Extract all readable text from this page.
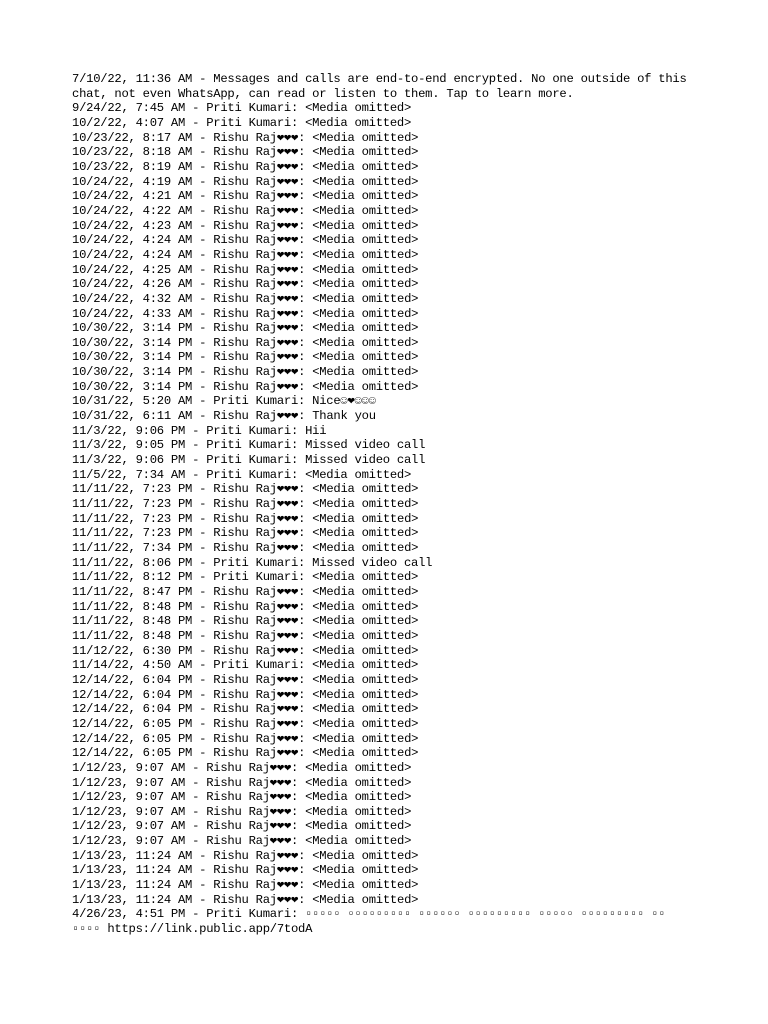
7/10/22, 11:36 AM - Messages and calls are end-to-end encrypted. No one outside of this chat, not even WhatsApp, can read or listen to them. Tap to learn more.
9/24/22, 7:45 AM - Priti Kumari: <Media omitted>
10/2/22, 4:07 AM - Priti Kumari: <Media omitted>
10/23/22, 8:17 AM - Rishu Raj❤❤❤: <Media omitted>
10/23/22, 8:18 AM - Rishu Raj❤❤❤: <Media omitted>
10/23/22, 8:19 AM - Rishu Raj❤❤❤: <Media omitted>
10/24/22, 4:19 AM - Rishu Raj❤❤❤: <Media omitted>
10/24/22, 4:21 AM - Rishu Raj❤❤❤: <Media omitted>
10/24/22, 4:22 AM - Rishu Raj❤❤❤: <Media omitted>
10/24/22, 4:23 AM - Rishu Raj❤❤❤: <Media omitted>
10/24/22, 4:24 AM - Rishu Raj❤❤❤: <Media omitted>
10/24/22, 4:24 AM - Rishu Raj❤❤❤: <Media omitted>
10/24/22, 4:25 AM - Rishu Raj❤❤❤: <Media omitted>
10/24/22, 4:26 AM - Rishu Raj❤❤❤: <Media omitted>
10/24/22, 4:32 AM - Rishu Raj❤❤❤: <Media omitted>
10/24/22, 4:33 AM - Rishu Raj❤❤❤: <Media omitted>
10/30/22, 3:14 PM - Rishu Raj❤❤❤: <Media omitted>
10/30/22, 3:14 PM - Rishu Raj❤❤❤: <Media omitted>
10/30/22, 3:14 PM - Rishu Raj❤❤❤: <Media omitted>
10/30/22, 3:14 PM - Rishu Raj❤❤❤: <Media omitted>
10/30/22, 3:14 PM - Rishu Raj❤❤❤: <Media omitted>
10/31/22, 5:20 AM - Priti Kumari: Nice☺❤☺☺☺
10/31/22, 6:11 AM - Rishu Raj❤❤❤: Thank you
11/3/22, 9:06 PM - Priti Kumari: Hii
11/3/22, 9:05 PM - Priti Kumari: Missed video call
11/3/22, 9:06 PM - Priti Kumari: Missed video call
11/5/22, 7:34 AM - Priti Kumari: <Media omitted>
11/11/22, 7:23 PM - Rishu Raj❤❤❤: <Media omitted>
11/11/22, 7:23 PM - Rishu Raj❤❤❤: <Media omitted>
11/11/22, 7:23 PM - Rishu Raj❤❤❤: <Media omitted>
11/11/22, 7:23 PM - Rishu Raj❤❤❤: <Media omitted>
11/11/22, 7:34 PM - Rishu Raj❤❤❤: <Media omitted>
11/11/22, 8:06 PM - Priti Kumari: Missed video call
11/11/22, 8:12 PM - Priti Kumari: <Media omitted>
11/11/22, 8:47 PM - Rishu Raj❤❤❤: <Media omitted>
11/11/22, 8:48 PM - Rishu Raj❤❤❤: <Media omitted>
11/11/22, 8:48 PM - Rishu Raj❤❤❤: <Media omitted>
11/11/22, 8:48 PM - Rishu Raj❤❤❤: <Media omitted>
11/12/22, 6:30 PM - Rishu Raj❤❤❤: <Media omitted>
11/14/22, 4:50 AM - Priti Kumari: <Media omitted>
12/14/22, 6:04 PM - Rishu Raj❤❤❤: <Media omitted>
12/14/22, 6:04 PM - Rishu Raj❤❤❤: <Media omitted>
12/14/22, 6:04 PM - Rishu Raj❤❤❤: <Media omitted>
12/14/22, 6:05 PM - Rishu Raj❤❤❤: <Media omitted>
12/14/22, 6:05 PM - Rishu Raj❤❤❤: <Media omitted>
12/14/22, 6:05 PM - Rishu Raj❤❤❤: <Media omitted>
1/12/23, 9:07 AM - Rishu Raj❤❤❤: <Media omitted>
1/12/23, 9:07 AM - Rishu Raj❤❤❤: <Media omitted>
1/12/23, 9:07 AM - Rishu Raj❤❤❤: <Media omitted>
1/12/23, 9:07 AM - Rishu Raj❤❤❤: <Media omitted>
1/12/23, 9:07 AM - Rishu Raj❤❤❤: <Media omitted>
1/12/23, 9:07 AM - Rishu Raj❤❤❤: <Media omitted>
1/13/23, 11:24 AM - Rishu Raj❤❤❤: <Media omitted>
1/13/23, 11:24 AM - Rishu Raj❤❤❤: <Media omitted>
1/13/23, 11:24 AM - Rishu Raj❤❤❤: <Media omitted>
1/13/23, 11:24 AM - Rishu Raj❤❤❤: <Media omitted>
4/26/23, 4:51 PM - Priti Kumari: ▫▫▫▫▫ ▫▫▫▫▫▫▫▫▫ ▫▫▫▫▫▫ ▫▫▫▫▫▫▫▫▫ ▫▫▫▫▫ ▫▫▫▫▫▫▫▫▫ ▫▫ ▫▫▫▫ https://link.public.app/7todA
